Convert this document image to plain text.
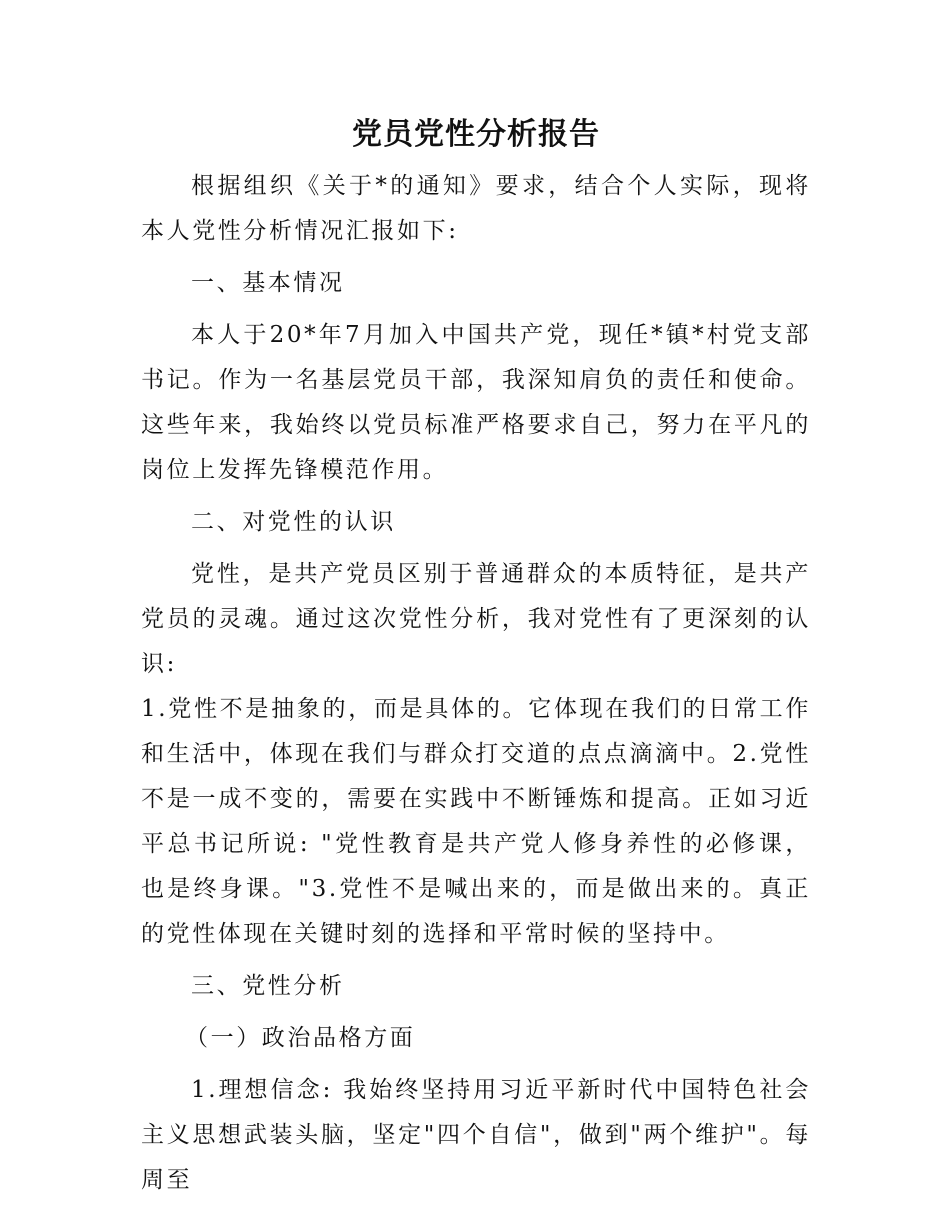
党员党性分析报告

根据组织《关于*的通知》要求，结合个人实际，现将本人党性分析情况汇报如下:

一、基本情况

本人于20*年7月加入中国共产党，现任*镇*村党支部书记。作为一名基层党员干部，我深知肩负的责任和使命。这些年来，我始终以党员标准严格要求自己，努力在平凡的岗位上发挥先锋模范作用。

二、对党性的认识

党性，是共产党员区别于普通群众的本质特征，是共产党员的灵魂。通过这次党性分析，我对党性有了更深刻的认识:

1.党性不是抽象的，而是具体的。它体现在我们的日常工作和生活中，体现在我们与群众打交道的点点滴滴中。2.党性不是一成不变的，需要在实践中不断锤炼和提高。正如习近平总书记所说: "党性教育是共产党人修身养性的必修课，也是终身课。"3.党性不是喊出来的，而是做出来的。真正的党性体现在关键时刻的选择和平常时候的坚持中。

三、党性分析

（一）政治品格方面

1.理想信念: 我始终坚持用习近平新时代中国特色社会主义思想武装头脑，坚定"四个自信"，做到"两个维护"。每周至
